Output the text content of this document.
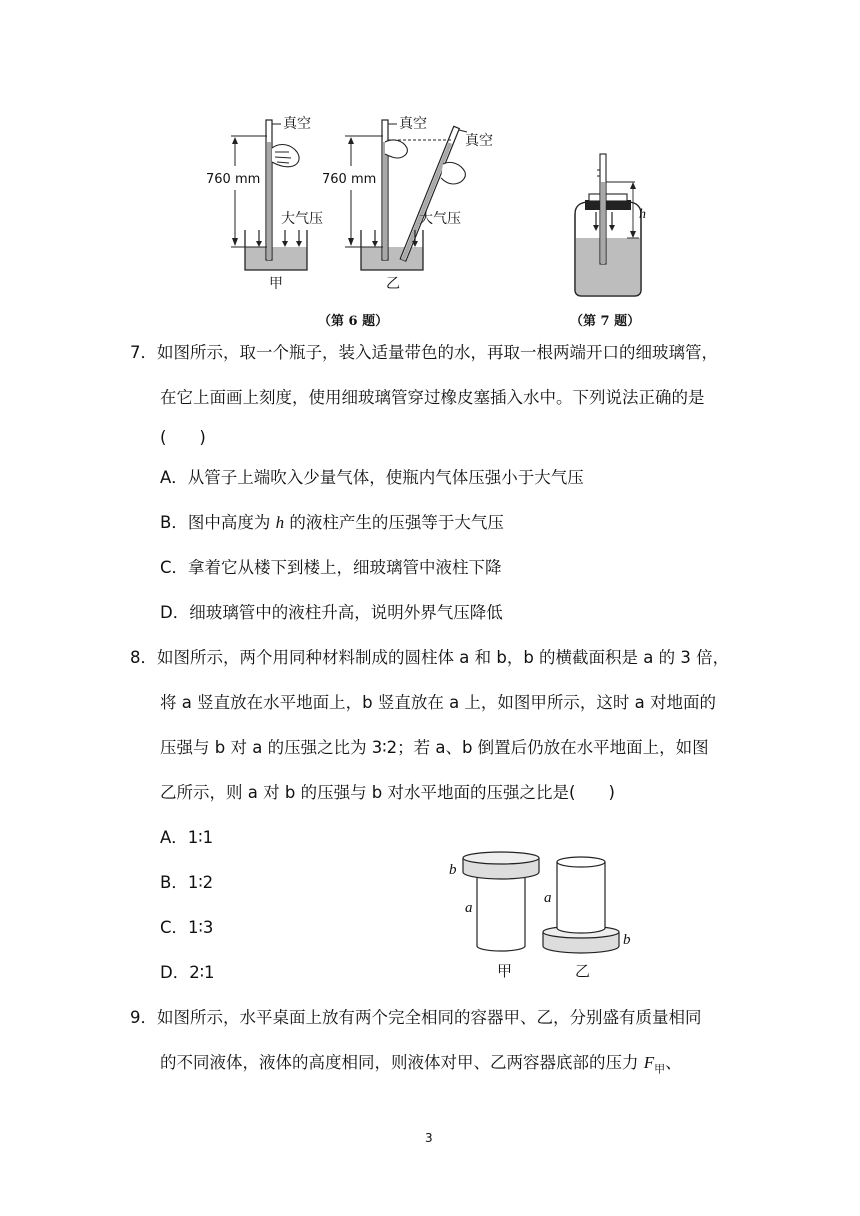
760 mm
真空
大气压
甲
760 mm
真空
真空
大气压
乙
（第 6 题）
h
（第 7 题）
7．如图所示，取一个瓶子，装入适量带色的水，再取一根两端开口的细玻璃管，
在它上面画上刻度，使用细玻璃管穿过橡皮塞插入水中。下列说法正确的是
(　　)
A．从管子上端吹入少量气体，使瓶内气体压强小于大气压
B．图中高度为 h 的液柱产生的压强等于大气压
C．拿着它从楼下到楼上，细玻璃管中液柱下降
D．细玻璃管中的液柱升高，说明外界气压降低
8．如图所示，两个用同种材料制成的圆柱体 a 和 b，b 的横截面积是 a 的 3 倍，
将 a 竖直放在水平地面上，b 竖直放在 a 上，如图甲所示，这时 a 对地面的
压强与 b 对 a 的压强之比为 3∶2；若 a、b 倒置后仍放在水平地面上，如图
乙所示，则 a 对 b 的压强与 b 对水平地面的压强之比是(　　)
A．1∶1
B．1∶2
C．1∶3
D．2∶1
b
a
甲
a
b
乙
9．如图所示，水平桌面上放有两个完全相同的容器甲、乙，分别盛有质量相同
的不同液体，液体的高度相同，则液体对甲、乙两容器底部的压力 $F_甲$、
3
